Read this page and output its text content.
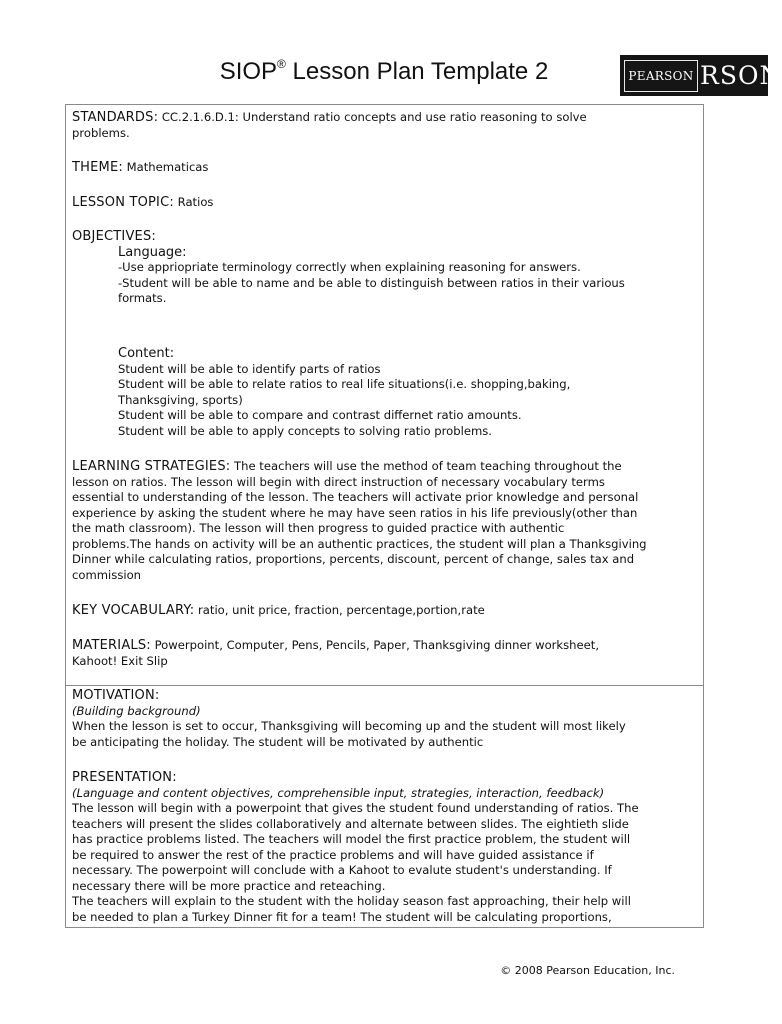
SIOP® Lesson Plan Template 2	PEARSON RSON
STANDARDS: CC.2.1.6.D.1: Understand ratio concepts and use ratio reasoning to solve
problems.
THEME: Mathematicas
LESSON TOPIC: Ratios
OBJECTIVES:
Language:
-Use appriopriate terminology correctly when explaining reasoning for answers.
-Student will be able to name and be able to distinguish between ratios in their various
formats.
Content:
Student will be able to identify parts of ratios
Student will be able to relate ratios to real life situations(i.e. shopping,baking,
Thanksgiving, sports)
Student will be able to compare and contrast differnet ratio amounts.
Student will be able to apply concepts to solving ratio problems.
LEARNING STRATEGIES: The teachers will use the method of team teaching throughout the
lesson on ratios. The lesson will begin with direct instruction of necessary vocabulary terms
essential to understanding of the lesson. The teachers will activate prior knowledge and personal
experience by asking the student where he may have seen ratios in his life previously(other than
the math classroom). The lesson will then progress to guided practice with authentic
problems.The hands on activity will be an authentic practices, the student will plan a Thanksgiving
Dinner while calculating ratios, proportions, percents, discount, percent of change, sales tax and
commission
KEY VOCABULARY: ratio, unit price, fraction, percentage,portion,rate
MATERIALS: Powerpoint, Computer, Pens, Pencils, Paper, Thanksgiving dinner worksheet,
Kahoot! Exit Slip
MOTIVATION:
(Building background)
When the lesson is set to occur, Thanksgiving will becoming up and the student will most likely
be anticipating the holiday. The student will be motivated by authentic
PRESENTATION:
(Language and content objectives, comprehensible input, strategies, interaction, feedback)
The lesson will begin with a powerpoint that gives the student found understanding of ratios. The
teachers will present the slides collaboratively and alternate between slides. The eightieth slide
has practice problems listed. The teachers will model the first practice problem, the student will
be required to answer the rest of the practice problems and will have guided assistance if
necessary. The powerpoint will conclude with a Kahoot to evalute student's understanding. If
necessary there will be more practice and reteaching.
The teachers will explain to the student with the holiday season fast approaching, their help will
be needed to plan a Turkey Dinner fit for a team! The student will be calculating proportions,
© 2008 Pearson Education, Inc.
